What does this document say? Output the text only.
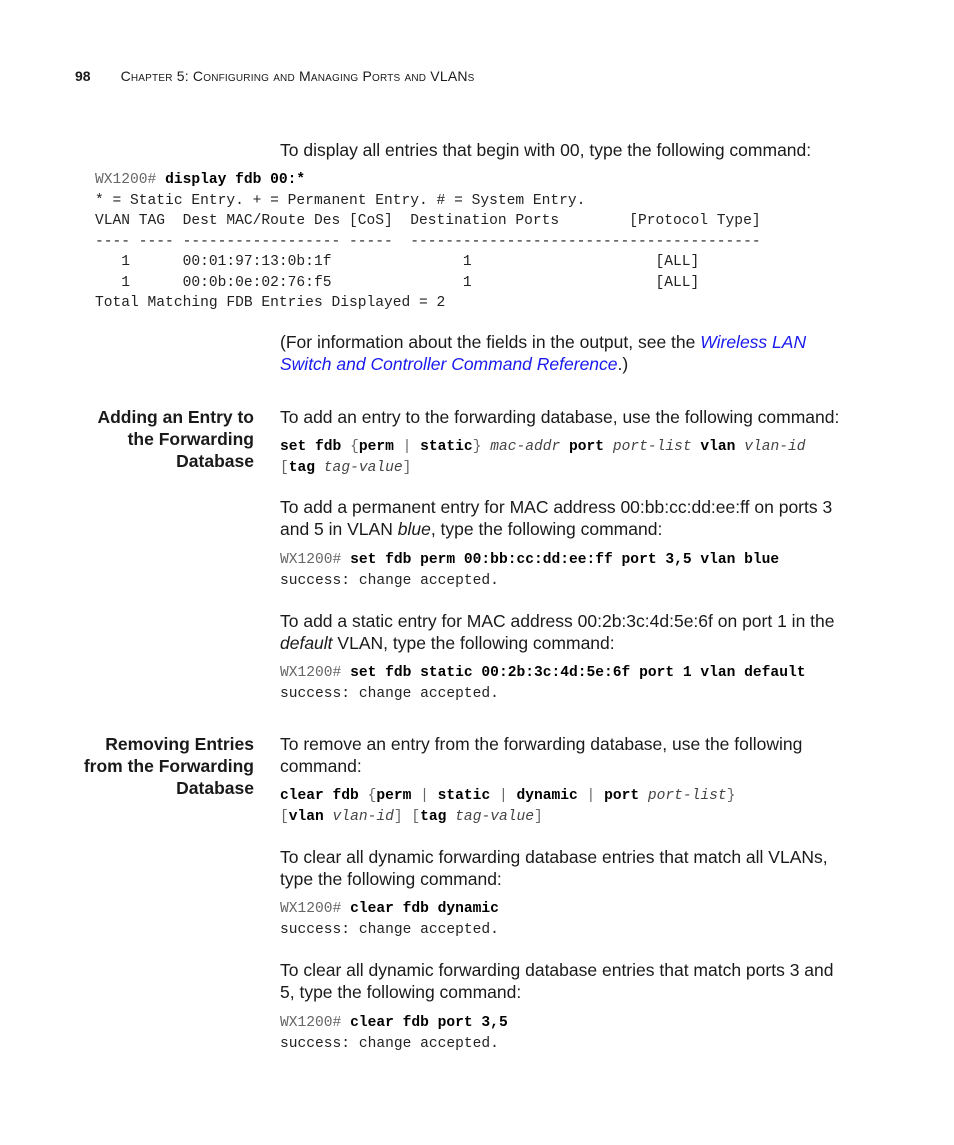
98 Chapter 5: Configuring and Managing Ports and VLANs
To display all entries that begin with 00, type the following command:
WX1200# display fdb 00:*
* = Static Entry. + = Permanent Entry. # = System Entry.
VLAN TAG  Dest MAC/Route Des [CoS]  Destination Ports        [Protocol Type]
---- ---- ------------------ -----  ----------------------------------------
1      00:01:97:13:0b:1f               1                     [ALL]
1      00:0b:0e:02:76:f5               1                     [ALL]
Total Matching FDB Entries Displayed = 2
(For information about the fields in the output, see the Wireless LAN
Switch and Controller Command Reference.)
Adding an Entry to
the Forwarding
Database
To add an entry to the forwarding database, use the following command:
set fdb {perm | static} mac-addr port port-list vlan vlan-id
[tag tag-value]
To add a permanent entry for MAC address 00:bb:cc:dd:ee:ff on ports 3
and 5 in VLAN blue, type the following command:
WX1200# set fdb perm 00:bb:cc:dd:ee:ff port 3,5 vlan blue
success: change accepted.
To add a static entry for MAC address 00:2b:3c:4d:5e:6f on port 1 in the
default VLAN, type the following command:
WX1200# set fdb static 00:2b:3c:4d:5e:6f port 1 vlan default
success: change accepted.
Removing Entries
from the Forwarding
Database
To remove an entry from the forwarding database, use the following
command:
clear fdb {perm | static | dynamic | port port-list}
[vlan vlan-id] [tag tag-value]
To clear all dynamic forwarding database entries that match all VLANs,
type the following command:
WX1200# clear fdb dynamic
success: change accepted.
To clear all dynamic forwarding database entries that match ports 3 and
5, type the following command:
WX1200# clear fdb port 3,5
success: change accepted.
